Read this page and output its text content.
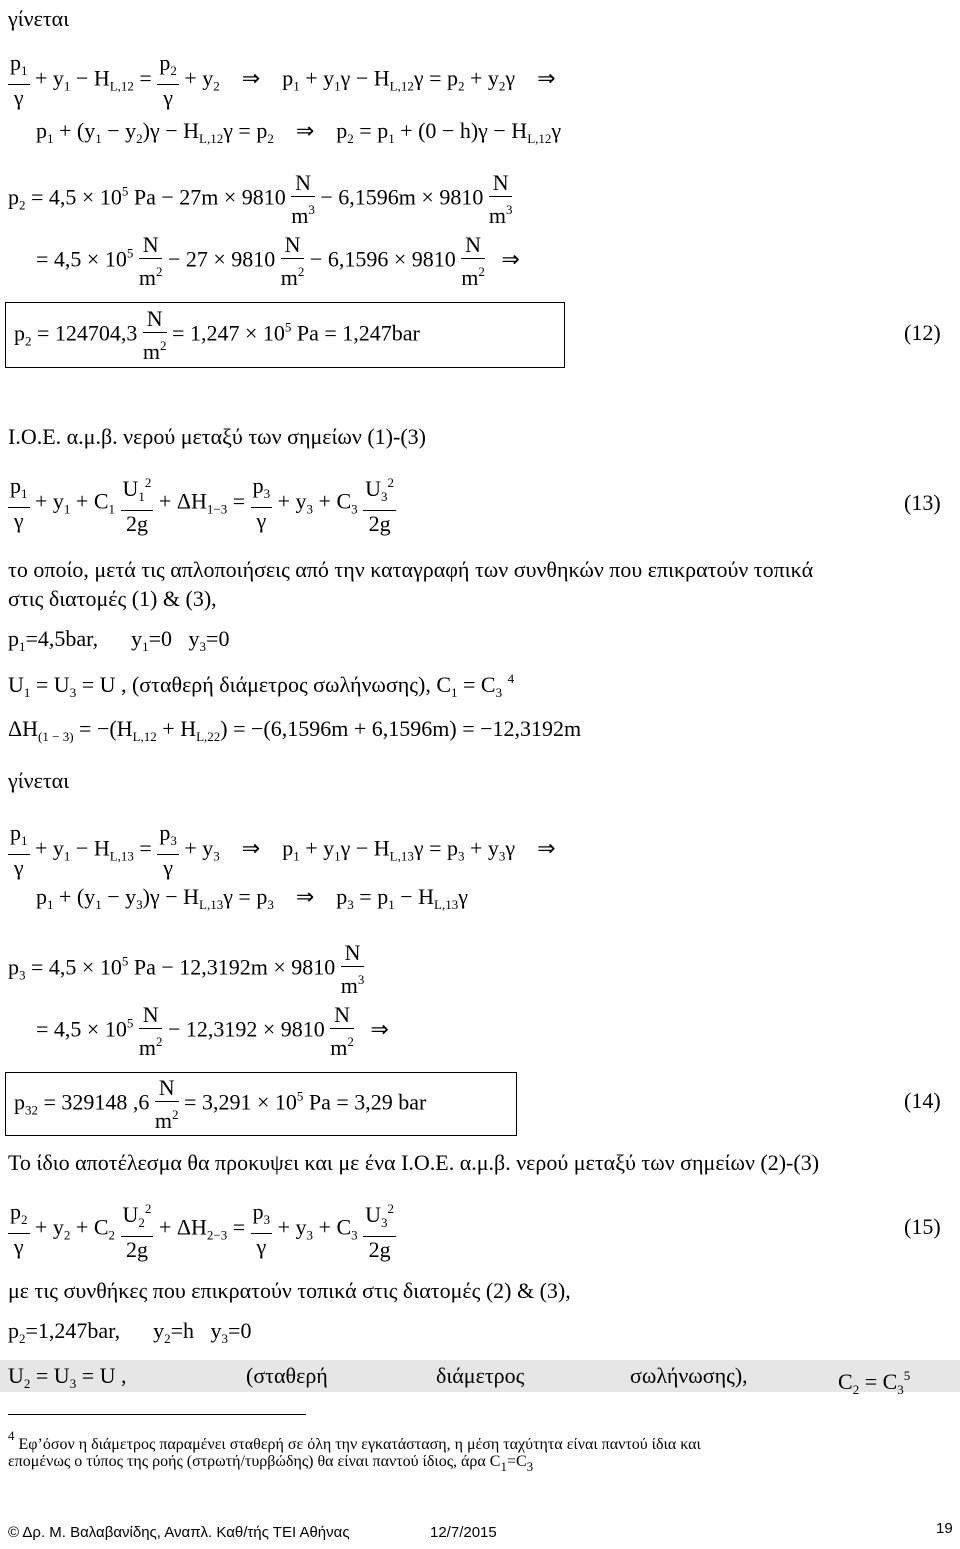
γίνεται
$\frac{p_1}{\gamma} + y_1 - H_{L,12} = \frac{p_2}{\gamma} + y_2$    ⇒    $p_1 + y_1\gamma - H_{L,12}\gamma = p_2 + y_2\gamma$    ⇒
$p_1 + (y_1 - y_2)\gamma - H_{L,12}\gamma = p_2$    ⇒    $p_2 = p_1 + (0 - h)\gamma - H_{L,12}\gamma$
$p_2 = 4,5 \times 10^5$ $Pa - 27m \times 9810 \frac{N}{m^3} - 6,1596m \times 9810 \frac{N}{m^3}$
= $4,5 \times 10^5 \frac{N}{m^2} - 27 \times 9810 \frac{N}{m^2} - 6,1596 \times 9810 \frac{N}{m^2}$ ⇒
$p_2 = 124704,3 \frac{N}{m^2} = 1,247 \times 10^5$ Pa = 1,247bar	(12)
Ι.Ο.Ε. α.μ.β. νερού μεταξύ των σημείων (1)-(3)
$\frac{p_1}{\gamma} + y_1 + C_1 \frac{U_1^2}{2g} + \Delta H_{1-3} = \frac{p_3}{\gamma} + y_3 + C_3 \frac{U_3^2}{2g}$	(13)
το οποίο, μετά τις απλοποιήσεις από την καταγραφή των συνθηκών που επικρατούν τοπικά
στις διατομές (1) & (3),
$p_1=4,5bar$,      $y_1=0$   $y_3=0$
$U_1 = U_3 = U$ , (σταθερή διάμετρος σωλήνωσης), $C_1 = C_3$ $^4$
$\Delta H_{(1 - 3)} = -(H_{L,12} + H_{L,22}) = -(6,1596m + 6,1596m) = -12,3192m$
γίνεται
$\frac{p_1}{\gamma} + y_1 - H_{L,13} = \frac{p_3}{\gamma} + y_3$    ⇒    $p_1 + y_1\gamma - H_{L,13}\gamma = p_3 + y_3\gamma$    ⇒
$p_1 + (y_1 - y_3)\gamma - H_{L,13}\gamma = p_3$    ⇒    $p_3 = p_1 - H_{L,13}\gamma$
$p_3 = 4,5 \times 10^5$ $Pa - 12,3192m \times 9810 \frac{N}{m^3}$
= $4,5 \times 10^5 \frac{N}{m^2} - 12,3192 \times 9810 \frac{N}{m^2}$ ⇒
$p_{32} = 329148$ $,6 \frac{N}{m^2} = 3,291 \times 10^5$ Pa = 3,29 bar	(14)
Το ίδιο αποτέλεσμα θα προκυψει και με ένα Ι.Ο.Ε. α.μ.β. νερού μεταξύ των σημείων (2)-(3)
$\frac{p_2}{\gamma} + y_2 + C_2 \frac{U_2^2}{2g} + \Delta H_{2-3} = \frac{p_3}{\gamma} + y_3 + C_3 \frac{U_3^2}{2g}$	(15)
με τις συνθήκες που επικρατούν τοπικά στις διατομές (2) & (3),
$p_2=1,247bar$,      $y_2=h$   $y_3=0$
$U_2 = U_3 = U$ ,	(σταθερή	διάμετρος	σωλήνωσης),	$C_2 = C_3^5$
$^4$ Εφ’όσον η διάμετρος παραμένει σταθερή σε όλη την εγκατάσταση, η μέση ταχύτητα είναι παντού ίδια και
επομένως ο τύπος της ροής (στρωτή/τυρβώδης) θα είναι παντού ίδιος, άρα $C_1=C_3$
© Δρ. Μ. Βαλαβανίδης, Αναπλ. Καθ/τής ΤΕΙ Αθήνας	12/7/2015	19
